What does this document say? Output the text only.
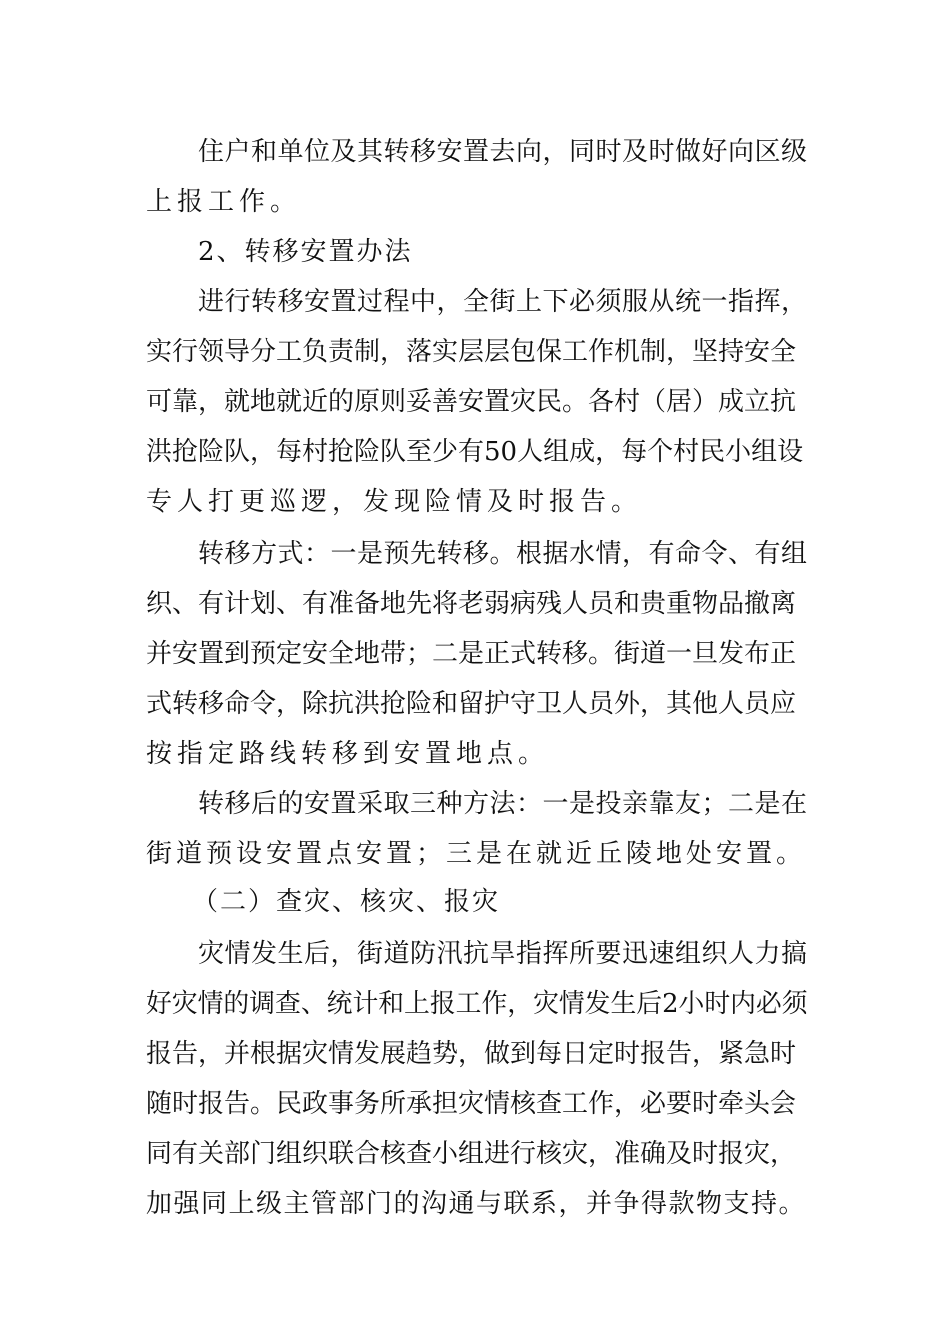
住户和单位及其转移安置去向，同时及时做好向区级
上报工作。
2、转移安置办法
进行转移安置过程中，全街上下必须服从统一指挥，
实行领导分工负责制，落实层层包保工作机制，坚持安全
可靠，就地就近的原则妥善安置灾民。各村（居）成立抗
洪抢险队，每村抢险队至少有50人组成，每个村民小组设
专人打更巡逻，发现险情及时报告。
转移方式：一是预先转移。根据水情，有命令、有组
织、有计划、有准备地先将老弱病残人员和贵重物品撤离
并安置到预定安全地带；二是正式转移。街道一旦发布正
式转移命令，除抗洪抢险和留护守卫人员外，其他人员应
按指定路线转移到安置地点。
转移后的安置采取三种方法：一是投亲靠友；二是在
街道预设安置点安置；三是在就近丘陵地处安置。
（二）查灾、核灾、报灾
灾情发生后，街道防汛抗旱指挥所要迅速组织人力搞
好灾情的调查、统计和上报工作，灾情发生后2小时内必须
报告，并根据灾情发展趋势，做到每日定时报告，紧急时
随时报告。民政事务所承担灾情核查工作，必要时牵头会
同有关部门组织联合核查小组进行核灾，准确及时报灾，
加强同上级主管部门的沟通与联系，并争得款物支持。
